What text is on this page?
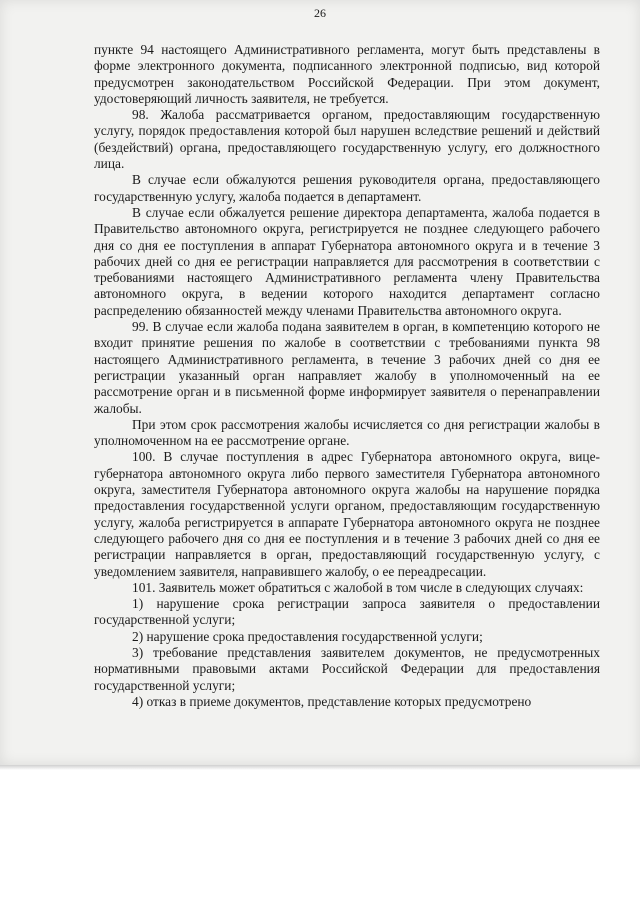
26

пункте 94 настоящего Административного регламента, могут быть представлены в форме электронного документа, подписанного электронной подписью, вид которой предусмотрен законодательством Российской Федерации. При этом документ, удостоверяющий личность заявителя, не требуется.

98. Жалоба рассматривается органом, предоставляющим государственную услугу, порядок предоставления которой был нарушен вследствие решений и действий (бездействий) органа, предоставляющего государственную услугу, его должностного лица.

В случае если обжалуются решения руководителя органа, предоставляющего государственную услугу, жалоба подается в департамент.

В случае если обжалуется решение директора департамента, жалоба подается в Правительство автономного округа, регистрируется не позднее следующего рабочего дня со дня ее поступления в аппарат Губернатора автономного округа и в течение 3 рабочих дней со дня ее регистрации направляется для рассмотрения в соответствии с требованиями настоящего Административного регламента члену Правительства автономного округа, в ведении которого находится департамент согласно распределению обязанностей между членами Правительства автономного округа.

99. В случае если жалоба подана заявителем в орган, в компетенцию которого не входит принятие решения по жалобе в соответствии с требованиями пункта 98 настоящего Административного регламента, в течение 3 рабочих дней со дня ее регистрации указанный орган направляет жалобу в уполномоченный на ее рассмотрение орган и в письменной форме информирует заявителя о перенаправлении жалобы.

При этом срок рассмотрения жалобы исчисляется со дня регистрации жалобы в уполномоченном на ее рассмотрение органе.

100. В случае поступления в адрес Губернатора автономного округа, вице-губернатора автономного округа либо первого заместителя Губернатора автономного округа, заместителя Губернатора автономного округа жалобы на нарушение порядка предоставления государственной услуги органом, предоставляющим государственную услугу, жалоба регистрируется в аппарате Губернатора автономного округа не позднее следующего рабочего дня со дня ее поступления и в течение 3 рабочих дней со дня ее регистрации направляется в орган, предоставляющий государственную услугу, с уведомлением заявителя, направившего жалобу, о ее переадресации.

101. Заявитель может обратиться с жалобой в том числе в следующих случаях:

1) нарушение срока регистрации запроса заявителя о предоставлении государственной услуги;

2) нарушение срока предоставления государственной услуги;

3) требование представления заявителем документов, не предусмотренных нормативными правовыми актами Российской Федерации для предоставления государственной услуги;

4) отказ в приеме документов, представление которых предусмотрено
